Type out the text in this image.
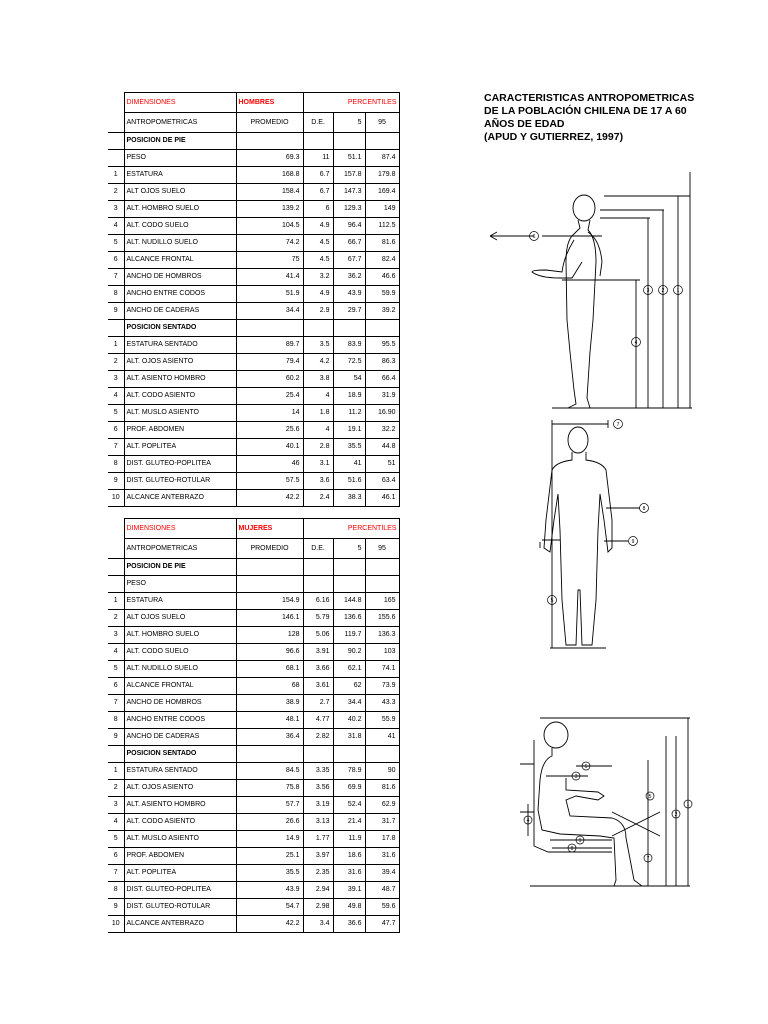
	DIMENSIONES	HOMBRES	PERCENTILES		
	ANTROPOMETRICAS	PROMEDIO	D.E.	5	95
	POSICION DE PIE				
	PESO	69.3	11	51.1	87.4
1	ESTATURA	168.8	6.7	157.8	179.8
2	ALT OJOS SUELO	158.4	6.7	147.3	169.4
3	ALT. HOMBRO SUELO	139.2	6	129.3	149
4	ALT. CODO SUELO	104.5	4.9	96.4	112.5
5	ALT. NUDILLO SUELO	74.2	4.5	66.7	81.6
6	ALCANCE FRONTAL	75	4.5	67.7	82.4
7	ANCHO DE HOMBROS	41.4	3.2	36.2	46.6
8	ANCHO ENTRE CODOS	51.9	4.9	43.9	59.9
9	ANCHO DE CADERAS	34.4	2.9	29.7	39.2
	POSICION SENTADO				
1	ESTATURA SENTADO	89.7	3.5	83.9	95.5
2	ALT. OJOS ASIENTO	79.4	4.2	72.5	86.3
3	ALT. ASIENTO HOMBRO	60.2	3.8	54	66.4
4	ALT. CODO ASIENTO	25.4	4	18.9	31.9
5	ALT. MUSLO ASIENTO	14	1.8	11.2	16.90
6	PROF. ABDOMEN	25.6	4	19.1	32.2
7	ALT. POPLITEA	40.1	2.8	35.5	44.8
8	DIST. GLUTEO-POPLITEA	46	3.1	41	51
9	DIST. GLUTEO-ROTULAR	57.5	3.6	51.6	63.4
10	ALCANCE ANTEBRAZO	42.2	2.4	38.3	46.1
	DIMENSIONES	MUJERES	PERCENTILES		
	ANTROPOMETRICAS	PROMEDIO	D.E.	5	95
	POSICION DE PIE				
	PESO				
1	ESTATURA	154.9	6.16	144.8	165
2	ALT OJOS SUELO	146.1	5.79	136.6	155.6
3	ALT. HOMBRO SUELO	128	5.06	119.7	136.3
4	ALT. CODO SUELO	96.6	3.91	90.2	103
5	ALT. NUDILLO SUELO	68.1	3.66	62.1	74.1
6	ALCANCE FRONTAL	68	3.61	62	73.9
7	ANCHO DE HOMBROS	38.9	2.7	34.4	43.3
8	ANCHO ENTRE CODOS	48.1	4.77	40.2	55.9
9	ANCHO DE CADERAS	36.4	2.82	31.8	41
	POSICION SENTADO				
1	ESTATURA SENTADO	84.5	3.35	78.9	90
2	ALT. OJOS ASIENTO	75.8	3.56	69.9	81.6
3	ALT. ASIENTO HOMBRO	57.7	3.19	52.4	62.9
4	ALT. CODO ASIENTO	26.6	3.13	21.4	31.7
5	ALT. MUSLO ASIENTO	14.9	1.77	11.9	17.8
6	PROF. ABDOMEN	25.1	3.97	18.6	31.6
7	ALT. POPLITEA	35.5	2.35	31.6	39.4
8	DIST. GLUTEO-POPLITEA	43.9	2.94	39.1	48.7
9	DIST. GLUTEO-ROTULAR	54.7	2.98	49.8	59.6
10	ALCANCE ANTEBRAZO	42.2	3.4	36.6	47.7
CARACTERISTICAS ANTROPOMETRICAS
DE LA POBLACIÓN CHILENA DE 17 A 60
AÑOS DE EDAD
(APUD Y GUTIERREZ, 1997)
6
4
3 2 1
7
8
9
5
6
3
4
9
8
7
5
2
1
